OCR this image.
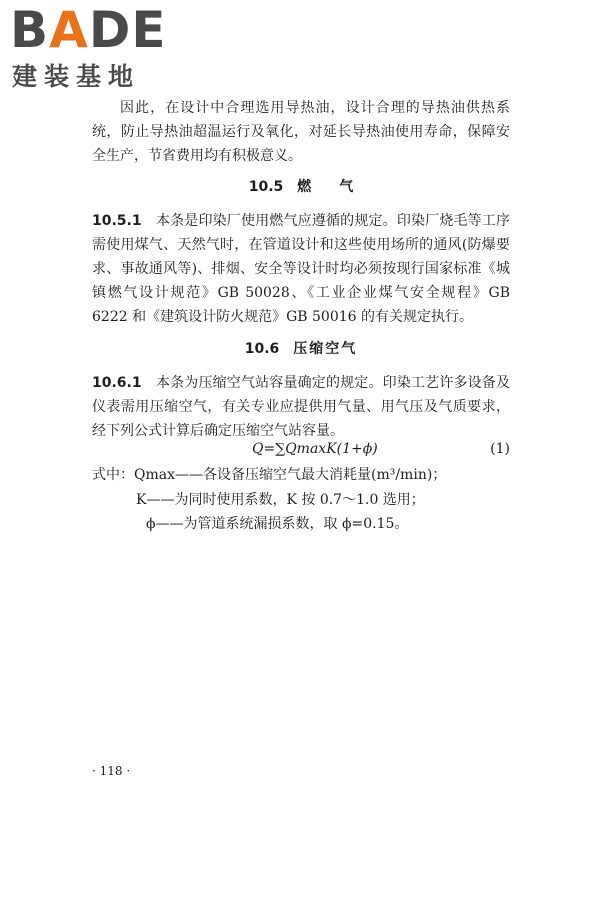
BADE
建装基地

因此，在设计中合理选用导热油，设计合理的导热油供热系统，防止导热油超温运行及氧化，对延长导热油使用寿命，保障安全生产，节省费用均有积极意义。

10.5 燃气

10.5.1　 本条是印染厂使用燃气应遵循的规定。印染厂烧毛等工序需使用煤气、天然气时，在管道设计和这些使用场所的通风(防爆要求、事故通风等)、排烟、安全等设计时均必须按现行国家标准《城镇燃气设计规范》GB 50028、《工业企业煤气安全规程》GB 6222 和《建筑设计防火规范》GB 50016 的有关规定执行。

10.6 压缩空气

10.6.1　 本条为压缩空气站容量确定的规定。印染工艺许多设备及仪表需用压缩空气，有关专业应提供用气量、用气压及气质要求，经下列公式计算后确定压缩空气站容量。

Q=∑QmaxK(1+ϕ)	(1)
式中：Qmax——各设备压缩空气最大消耗量(m³/min)；
K——为同时使用系数，K 按 0.7～1.0 选用；
ϕ——为管道系统漏损系数，取 ϕ=0.15。
· 118 ·
